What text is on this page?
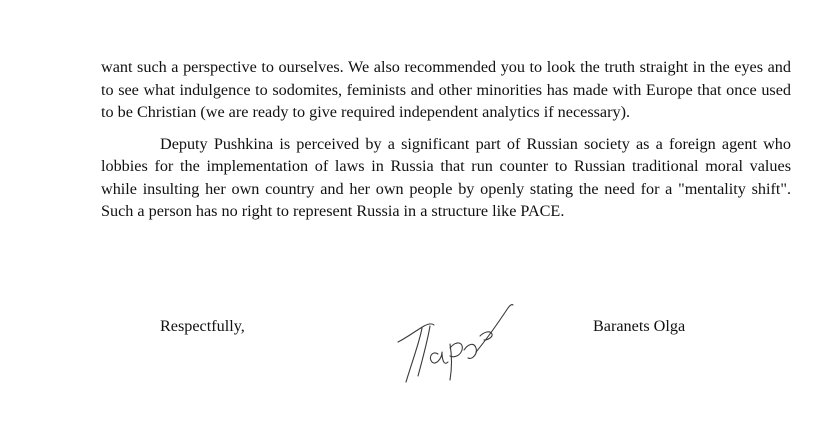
want such a perspective to ourselves. We also recommended you to look the truth straight in the eyes and to see what indulgence to sodomites, feminists and other minorities has made with Europe that once used to be Christian (we are ready to give required independent analytics if necessary).

Deputy Pushkina is perceived by a significant part of Russian society as a foreign agent who lobbies for the implementation of laws in Russia that run counter to Russian traditional moral values while insulting her own country and her own people by openly stating the need for a "mentality shift". Such a person has no right to represent Russia in a structure like PACE.

Respectfully,	Baranets Olga
